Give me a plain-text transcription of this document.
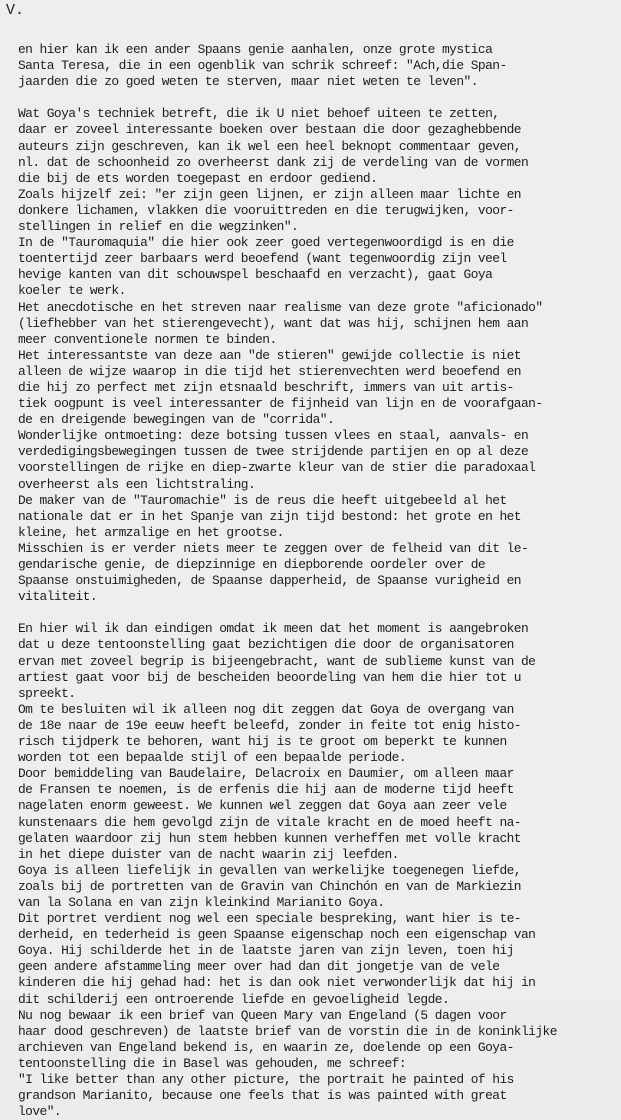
V.
en hier kan ik een ander Spaans genie aanhalen, onze grote mystica
Santa Teresa, die in een ogenblik van schrik schreef: "Ach,die Span-
jaarden die zo goed weten te sterven, maar niet weten te leven".
Wat Goya's techniek betreft, die ik U niet behoef uiteen te zetten,
daar er zoveel interessante boeken over bestaan die door gezaghebbende
auteurs zijn geschreven, kan ik wel een heel beknopt commentaar geven,
nl. dat de schoonheid zo overheerst dank zij de verdeling van de vormen
die bij de ets worden toegepast en erdoor gediend.
Zoals hijzelf zei: "er zijn geen lijnen, er zijn alleen maar lichte en
donkere lichamen, vlakken die vooruittreden en die terugwijken, voor-
stellingen in relief en die wegzinken".
In de "Tauromaquia" die hier ook zeer goed vertegenwoordigd is en die
toentertijd zeer barbaars werd beoefend (want tegenwoordig zijn veel
hevige kanten van dit schouwspel beschaafd en verzacht), gaat Goya
koeler te werk.
Het anecdotische en het streven naar realisme van deze grote "aficionado"
(liefhebber van het stierengevecht), want dat was hij, schijnen hem aan
meer conventionele normen te binden.
Het interessantste van deze aan "de stieren" gewijde collectie is niet
alleen de wijze waarop in die tijd het stierenvechten werd beoefend en
die hij zo perfect met zijn etsnaald beschrift, immers van uit artis-
tiek oogpunt is veel interessanter de fijnheid van lijn en de voorafgaan-
de en dreigende bewegingen van de "corrida".
Wonderlijke ontmoeting: deze botsing tussen vlees en staal, aanvals- en
verdedigingsbewegingen tussen de twee strijdende partijen en op al deze
voorstellingen de rijke en diep-zwarte kleur van de stier die paradoxaal
overheerst als een lichtstraling.
De maker van de "Tauromachie" is de reus die heeft uitgebeeld al het
nationale dat er in het Spanje van zijn tijd bestond: het grote en het
kleine, het armzalige en het grootse.
Misschien is er verder niets meer te zeggen over de felheid van dit le-
gendarische genie, de diepzinnige en diepborende oordeler over de
Spaanse onstuimigheden, de Spaanse dapperheid, de Spaanse vurigheid en
vitaliteit.
En hier wil ik dan eindigen omdat ik meen dat het moment is aangebroken
dat u deze tentoonstelling gaat bezichtigen die door de organisatoren
ervan met zoveel begrip is bijeengebracht, want de sublieme kunst van de
artiest gaat voor bij de bescheiden beoordeling van hem die hier tot u
spreekt.
Om te besluiten wil ik alleen nog dit zeggen dat Goya de overgang van
de 18e naar de 19e eeuw heeft beleefd, zonder in feite tot enig histo-
risch tijdperk te behoren, want hij is te groot om beperkt te kunnen
worden tot een bepaalde stijl of een bepaalde periode.
Door bemiddeling van Baudelaire, Delacroix en Daumier, om alleen maar
de Fransen te noemen, is de erfenis die hij aan de moderne tijd heeft
nagelaten enorm geweest. We kunnen wel zeggen dat Goya aan zeer vele
kunstenaars die hem gevolgd zijn de vitale kracht en de moed heeft na-
gelaten waardoor zij hun stem hebben kunnen verheffen met volle kracht
in het diepe duister van de nacht waarin zij leefden.
Goya is alleen liefelijk in gevallen van werkelijke toegenegen liefde,
zoals bij de portretten van de Gravin van Chinchón en van de Markiezin
van la Solana en van zijn kleinkind Marianito Goya.
Dit portret verdient nog wel een speciale bespreking, want hier is te-
derheid, en tederheid is geen Spaanse eigenschap noch een eigenschap van
Goya. Hij schilderde het in de laatste jaren van zijn leven, toen hij
geen andere afstammeling meer over had dan dit jongetje van de vele
kinderen die hij gehad had: het is dan ook niet verwonderlijk dat hij in
dit schilderij een ontroerende liefde en gevoeligheid legde.
Nu nog bewaar ik een brief van Queen Mary van Engeland (5 dagen voor
haar dood geschreven) de laatste brief van de vorstin die in de koninklijke
archieven van Engeland bekend is, en waarin ze, doelende op een Goya-
tentoonstelling die in Basel was gehouden, me schreef:
"I like better than any other picture, the portrait he painted of his
grandson Marianito, because one feels that is was painted with great
love".
